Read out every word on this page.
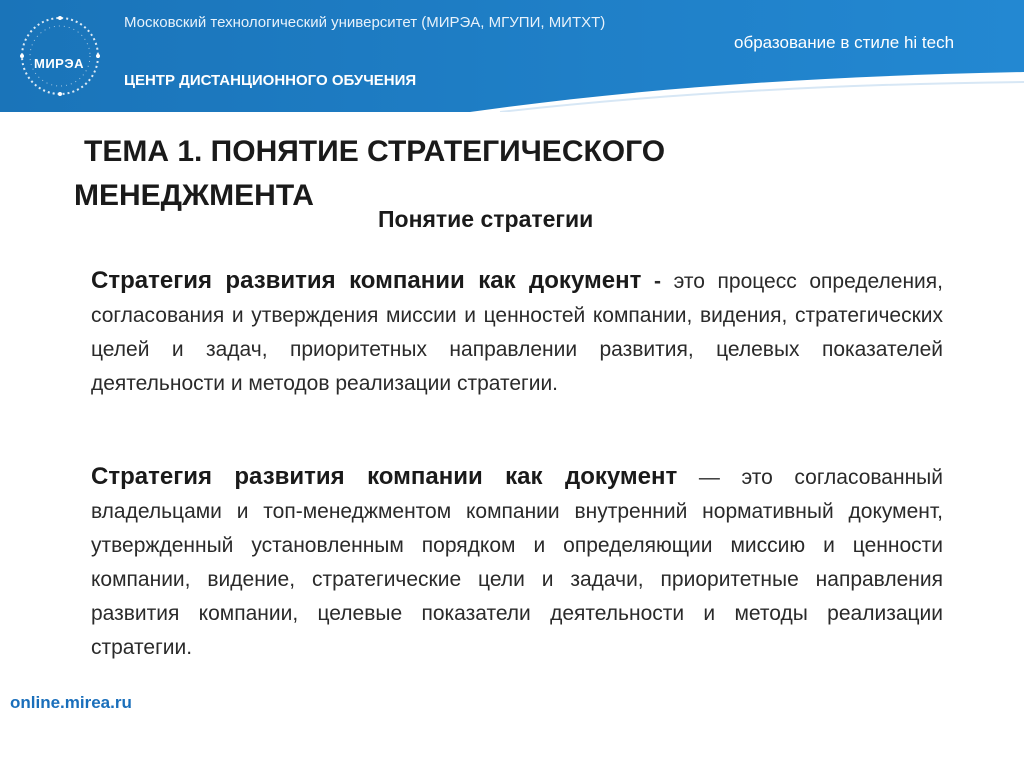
МИРЭА
Московский технологический университет (МИРЭА, МГУПИ, МИТХТ)
образование в стиле hi tech
ЦЕНТР ДИСТАНЦИОННОГО ОБУЧЕНИЯ
ТЕМА 1. ПОНЯТИЕ СТРАТЕГИЧЕСКОГО
МЕНЕДЖМЕНТА
Понятие стратегии
Стратегия развития компании как документ - это процесс определения, согласования и утверждения миссии и ценностей компании, видения, стратегических целей и задач, приоритетных направлении развития, целевых показателей деятельности и методов реализации стратегии.
Стратегия развития компании как документ — это согласованный владельцами и топ-менеджментом компании внутренний нормативный документ, утвержденный установленным порядком и определяющии миссию и ценности компании, видение, стратегические цели и задачи, приоритетные направления развития компании, целевые показатели деятельности и методы реализации стратегии.
online.mirea.ru
